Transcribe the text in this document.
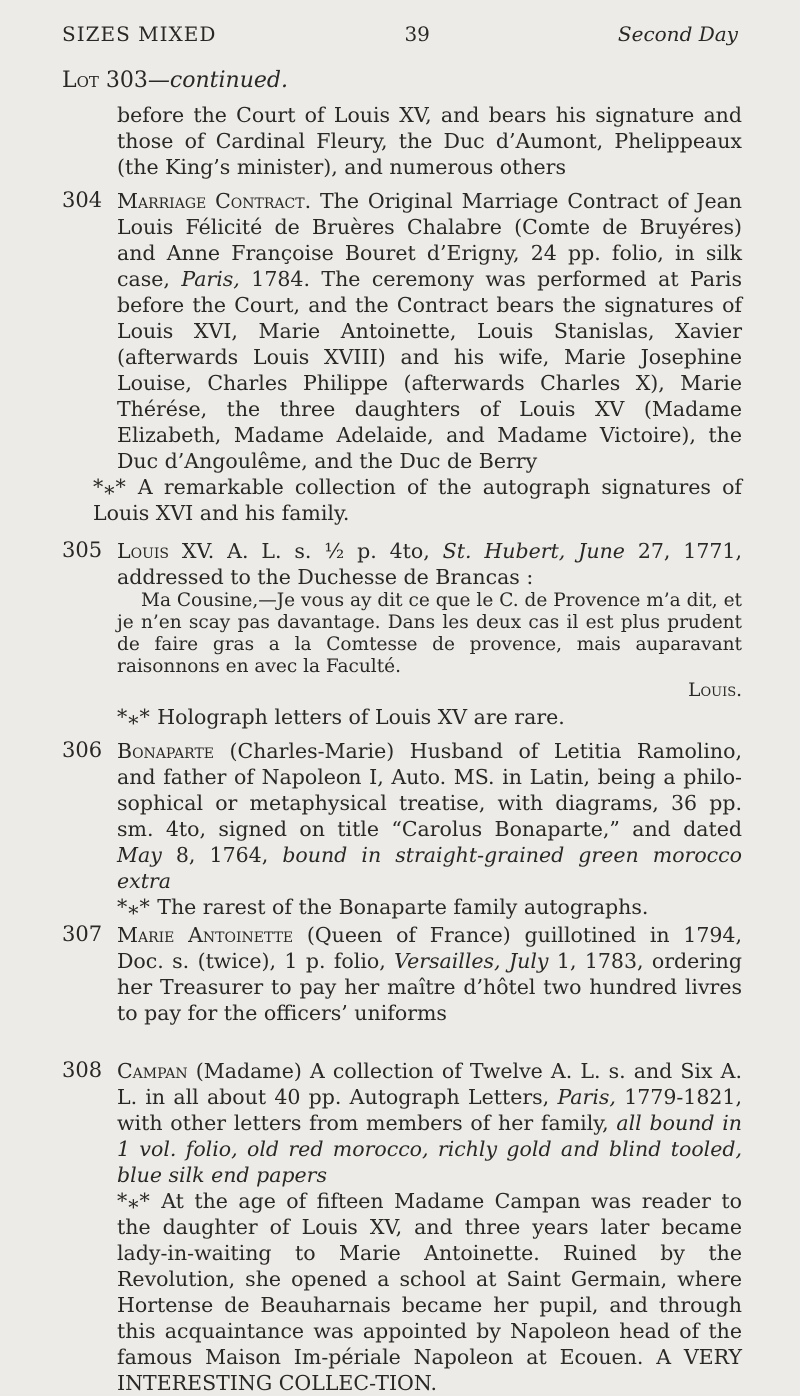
SIZES MIXED	39	Second Day
Lot 303—continued.

before the Court of Louis XV, and bears his signature and those of Cardinal Fleury, the Duc d’Aumont, Phelippeaux (the King’s minister), and numerous others

304 Marriage Contract. The Original Marriage Contract of Jean Louis Félicité de Bruères Chalabre (Comte de Bruyéres) and Anne Françoise Bouret d’Erigny, 24 pp. folio, in silk case, Paris, 1784. The ceremony was performed at Paris before the Court, and the Contract bears the signatures of Louis XVI, Marie Antoinette, Louis Stanislas, Xavier (afterwards Louis XVIII) and his wife, Marie Josephine Louise, Charles Philippe (afterwards Charles X), Marie Thérése, the three daughters of Louis XV (Madame Elizabeth, Madame Adelaide, and Madame Victoire), the Duc d’Angoulême, and the Duc de Berry

*⁎* A remarkable collection of the autograph signatures of Louis XVI and his family.

305 Louis XV. A. L. s. ½ p. 4to, St. Hubert, June 27, 1771, addressed to the Duchesse de Brancas :

Ma Cousine,—Je vous ay dit ce que le C. de Provence m’a dit, et je n’en scay pas davantage. Dans les deux cas il est plus prudent de faire gras a la Comtesse de provence, mais auparavant raisonnons en avec la Faculté.

Louis.

*⁎* Holograph letters of Louis XV are rare.

306 Bonaparte (Charles-Marie) Husband of Letitia Ramolino, and father of Napoleon I, Auto. MS. in Latin, being a philo-sophical or metaphysical treatise, with diagrams, 36 pp. sm. 4to, signed on title “Carolus Bonaparte,” and dated May 8, 1764, bound in straight-grained green morocco extra

*⁎* The rarest of the Bonaparte family autographs.

307 Marie Antoinette (Queen of France) guillotined in 1794, Doc. s. (twice), 1 p. folio, Versailles, July 1, 1783, ordering her Treasurer to pay her maître d’hôtel two hundred livres to pay for the officers’ uniforms

308 Campan (Madame) A collection of Twelve A. L. s. and Six A. L. in all about 40 pp. Autograph Letters, Paris, 1779-1821, with other letters from members of her family, all bound in 1 vol. folio, old red morocco, richly gold and blind tooled, blue silk end papers

*⁎* At the age of fifteen Madame Campan was reader to the daughter of Louis XV, and three years later became lady-in-waiting to Marie Antoinette. Ruined by the Revolution, she opened a school at Saint Germain, where Hortense de Beauharnais became her pupil, and through this acquaintance was appointed by Napoleon head of the famous Maison Im-périale Napoleon at Ecouen. A VERY INTERESTING COLLEC-TION.
